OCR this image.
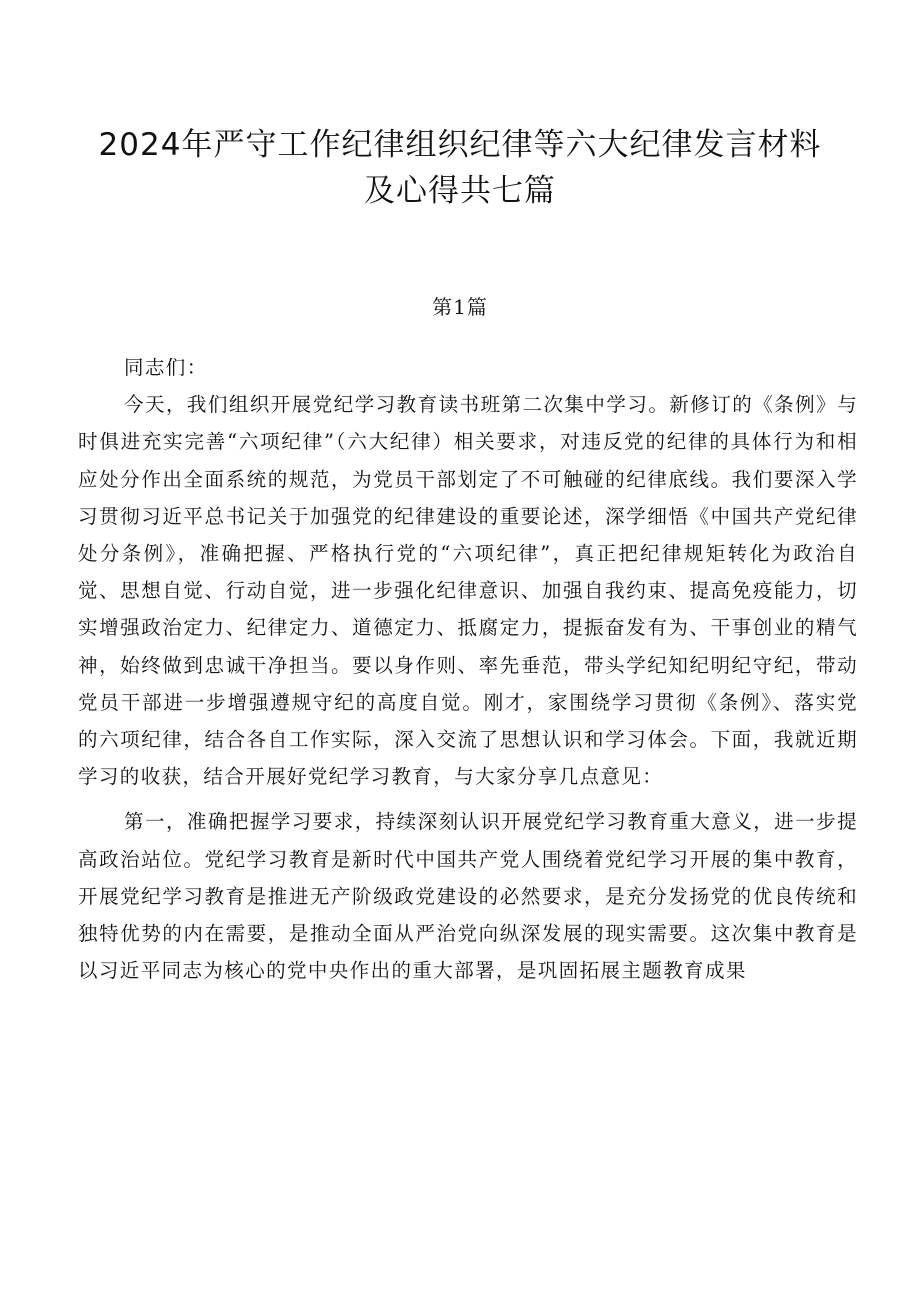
2024年严守工作纪律组织纪律等六大纪律发言材料
及心得共七篇
第1篇

同志们：

今天，我们组织开展党纪学习教育读书班第二次集中学习。新修订的《条例》与时俱进充实完善“六项纪律”（六大纪律）相关要求，对违反党的纪律的具体行为和相应处分作出全面系统的规范，为党员干部划定了不可触碰的纪律底线。我们要深入学习贯彻习近平总书记关于加强党的纪律建设的重要论述，深学细悟《中国共产党纪律处分条例》，准确把握、严格执行党的“六项纪律”，真正把纪律规矩转化为政治自觉、思想自觉、行动自觉，进一步强化纪律意识、加强自我约束、提高免疫能力，切实增强政治定力、纪律定力、道德定力、抵腐定力，提振奋发有为、干事创业的精气神，始终做到忠诚干净担当。要以身作则、率先垂范，带头学纪知纪明纪守纪，带动党员干部进一步增强遵规守纪的高度自觉。刚才，家围绕学习贯彻《条例》、落实党的六项纪律，结合各自工作实际，深入交流了思想认识和学习体会。下面，我就近期学习的收获，结合开展好党纪学习教育，与大家分享几点意见：

第一，准确把握学习要求，持续深刻认识开展党纪学习教育重大意义，进一步提高政治站位。党纪学习教育是新时代中国共产党人围绕着党纪学习开展的集中教育，开展党纪学习教育是推进无产阶级政党建设的必然要求，是充分发扬党的优良传统和独特优势的内在需要，是推动全面从严治党向纵深发展的现实需要。这次集中教育是以习近平同志为核心的党中央作出的重大部署，是巩固拓展主题教育成果
